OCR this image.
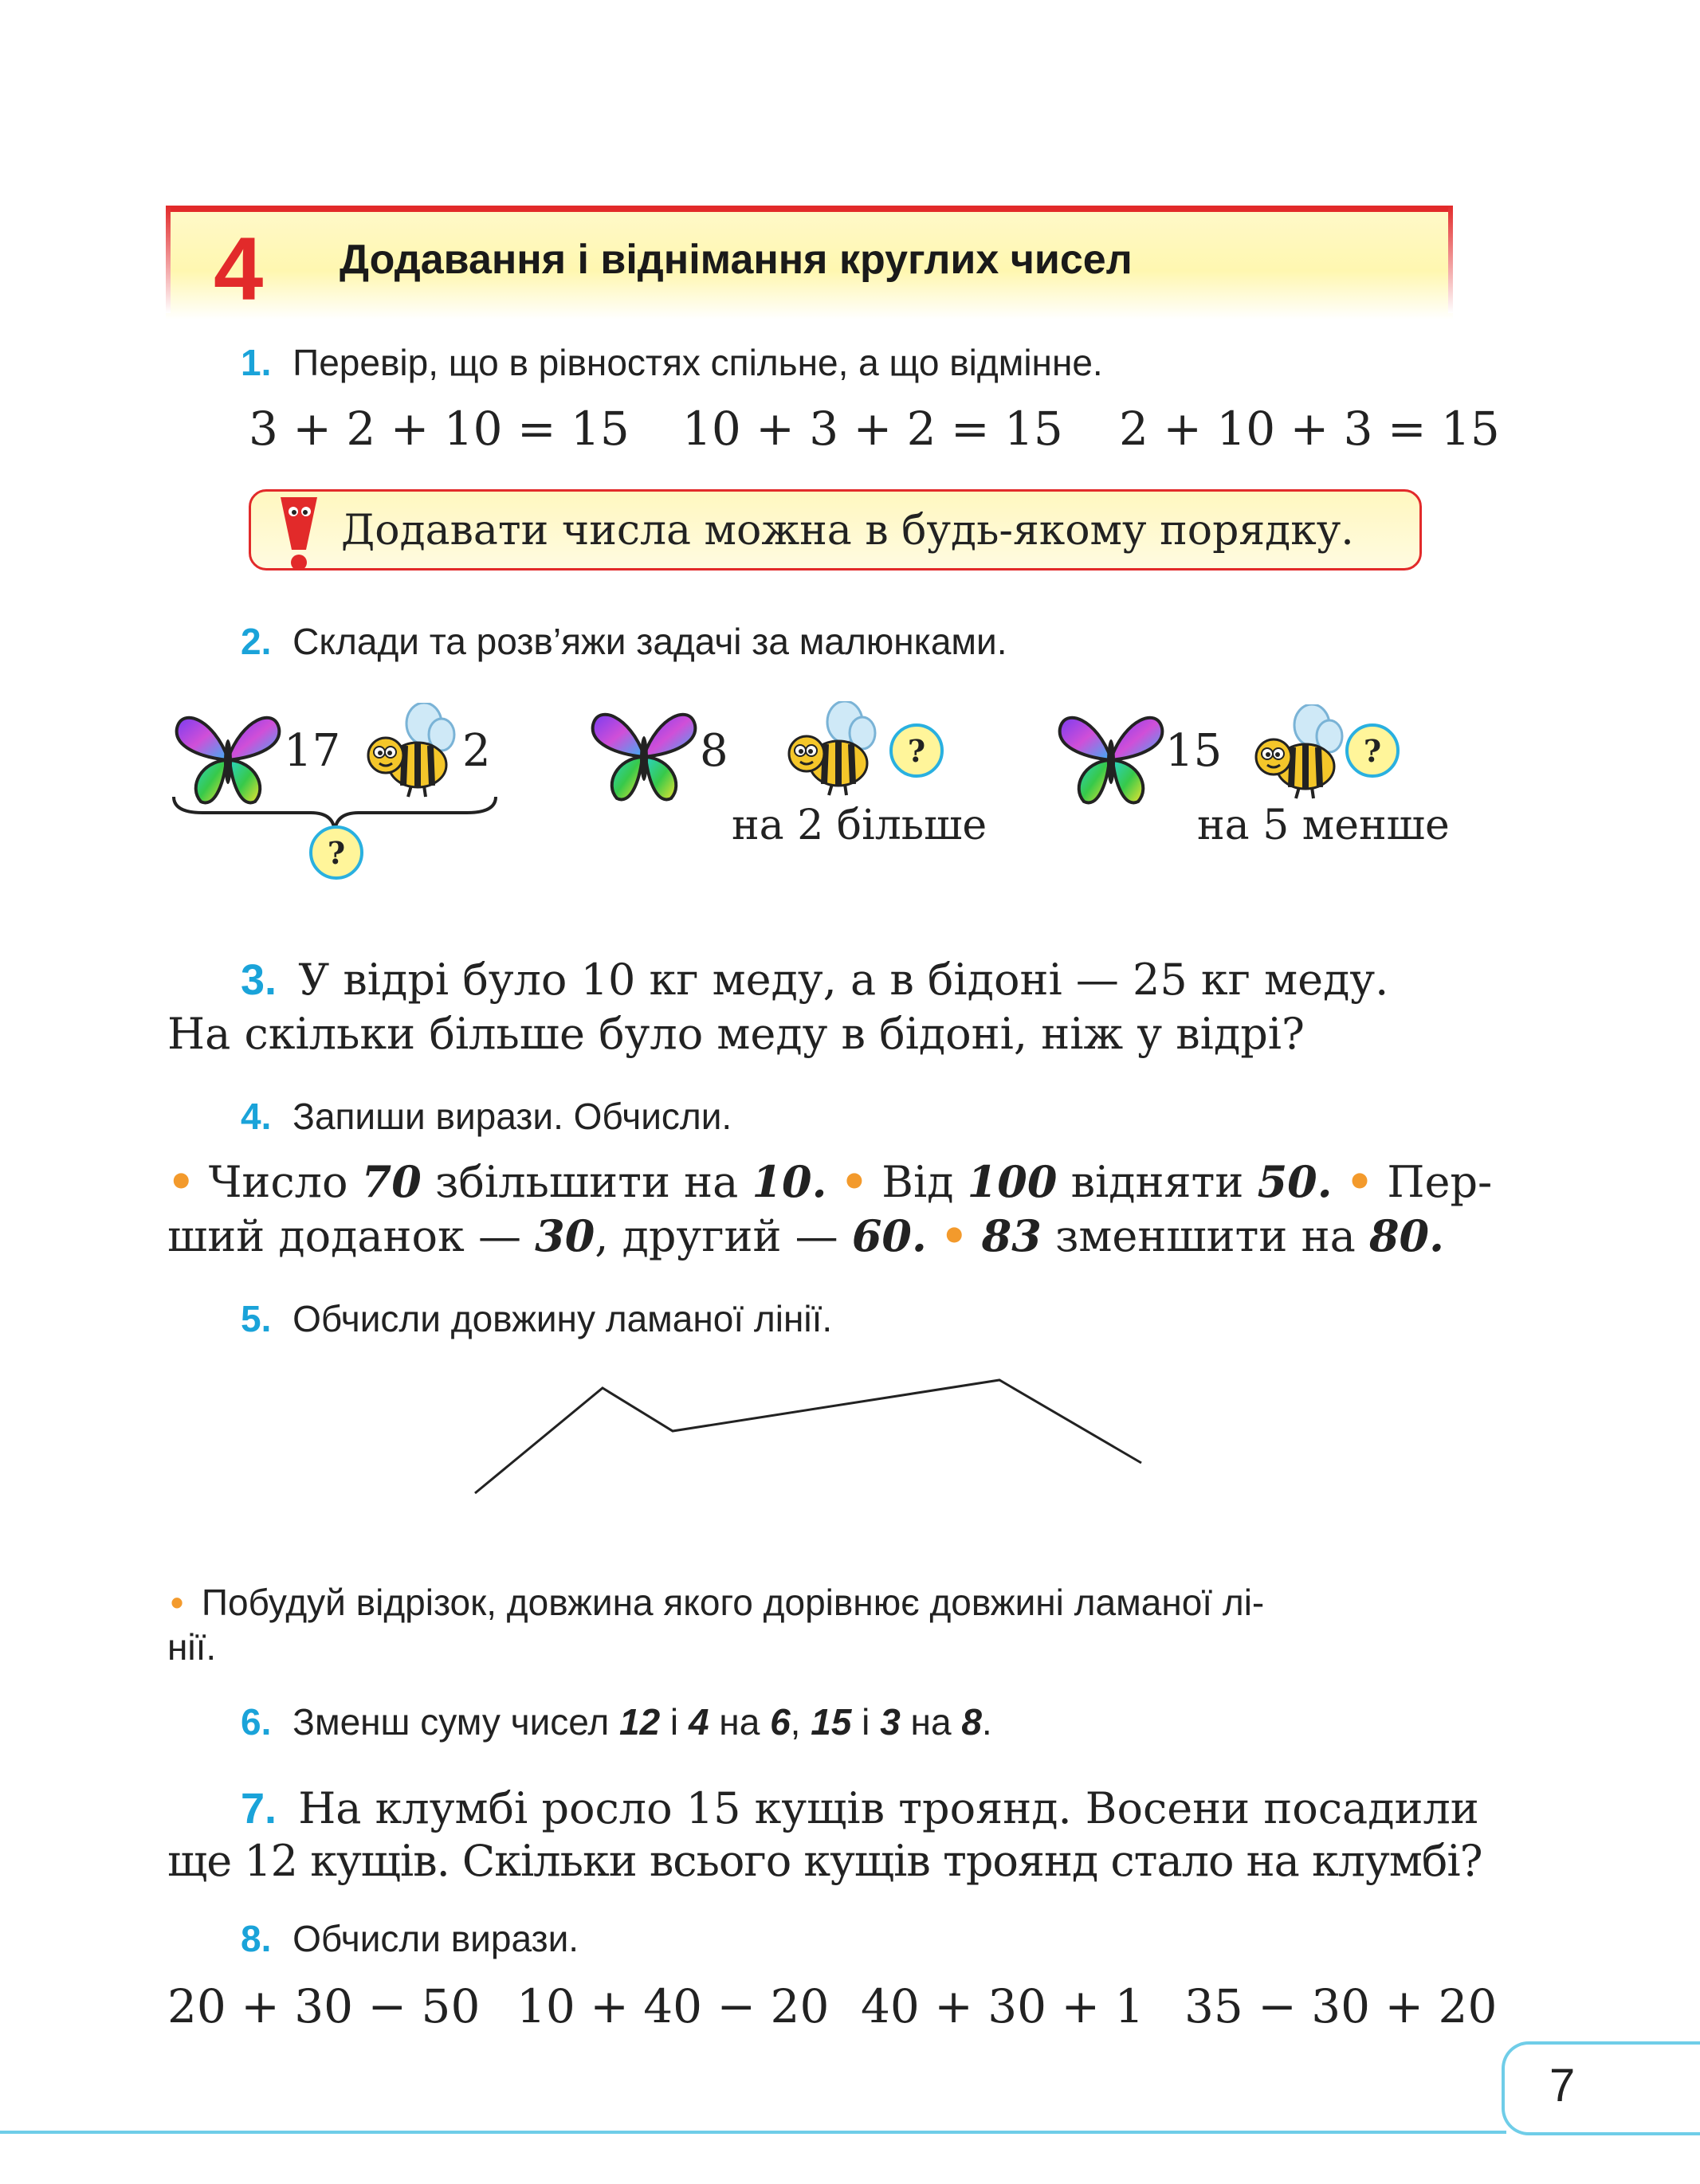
4 Додавання і віднімання круглих чисел
1. Перевір, що в рівностях спільне, а що відмінне.
3 + 2 + 10 = 15 10 + 3 + 2 = 15 2 + 10 + 3 = 15
Додавати числа можна в будь-якому порядку.
2. Склади та розв’яжи задачі за малюнками.
17	2
?
8	?
на 2 більше
15	?
на 5 менше
3. У відрі було 10 кг меду, а в бідоні — 25 кг меду.
На скільки більше було меду в бідоні, ніж у відрі?
4. Запиши вирази. Обчисли.
• Число 70 збільшити на 10. • Від 100 відняти 50. • Пер-
ший доданок — 30, другий — 60. • 83 зменшити на 80.
5. Обчисли довжину ламаної лінії.
• Побудуй відрізок, довжина якого дорівнює довжині ламаної лі-
нії.
6. Зменш суму чисел 12 і 4 на 6, 15 і 3 на 8.
7. На клумбі росло 15 кущів троянд. Восени посадили
ще 12 кущів. Скільки всього кущів троянд стало на клумбі?
8. Обчисли вирази.
20 + 30 − 50 10 + 40 − 20 40 + 30 + 1 35 − 30 + 20
7
